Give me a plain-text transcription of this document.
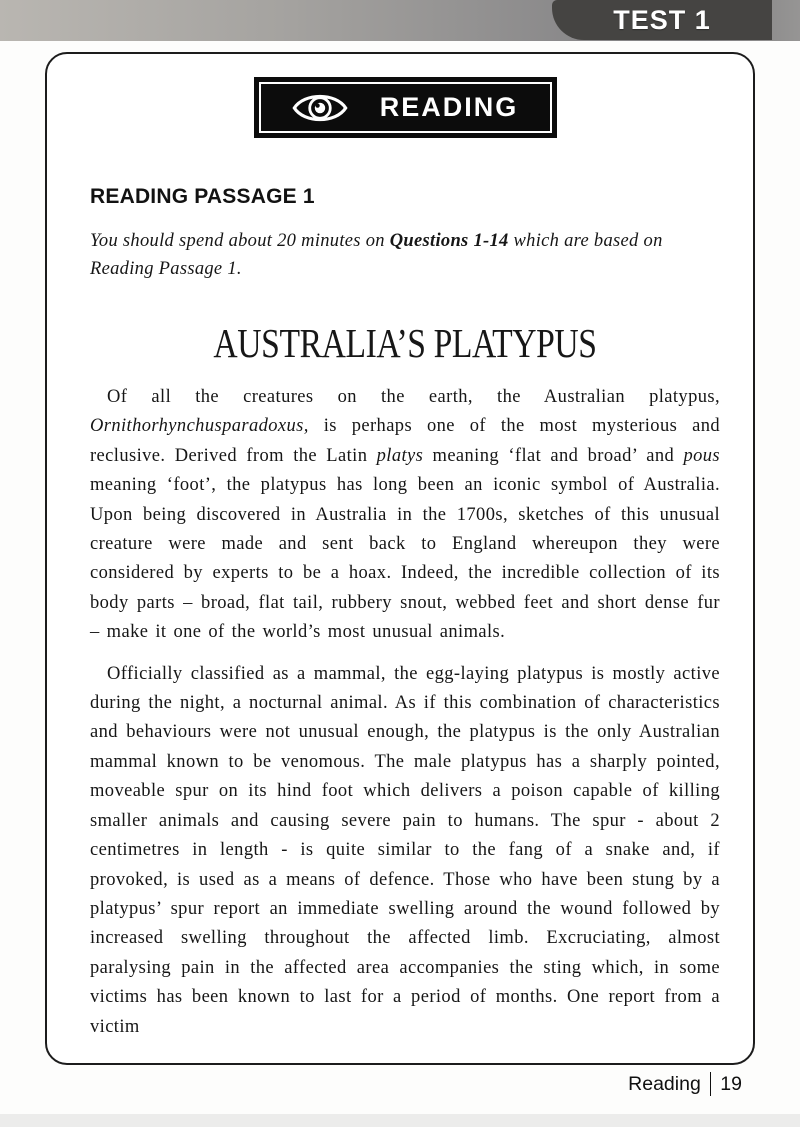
TEST 1
READING
READING PASSAGE 1

You should spend about 20 minutes on Questions 1-14 which are based on Reading Passage 1.

AUSTRALIA’S PLATYPUS

Of all the creatures on the earth, the Australian platypus, Ornithorhynchusparadoxus, is perhaps one of the most mysterious and reclusive. Derived from the Latin platys meaning ‘flat and broad’ and pous meaning ‘foot’, the platypus has long been an iconic symbol of Australia. Upon being discovered in Australia in the 1700s, sketches of this unusual creature were made and sent back to England whereupon they were considered by experts to be a hoax. Indeed, the incredible collection of its body parts – broad, flat tail, rubbery snout, webbed feet and short dense fur – make it one of the world’s most unusual animals.

Officially classified as a mammal, the egg-laying platypus is mostly active during the night, a nocturnal animal. As if this combination of characteristics and behaviours were not unusual enough, the platypus is the only Australian mammal known to be venomous. The male platypus has a sharply pointed, moveable spur on its hind foot which delivers a poison capable of killing smaller animals and causing severe pain to humans. The spur - about 2 centimetres in length - is quite similar to the fang of a snake and, if provoked, is used as a means of defence. Those who have been stung by a platypus’ spur report an immediate swelling around the wound followed by increased swelling throughout the affected limb. Excruciating, almost paralysing pain in the affected area accompanies the sting which, in some victims has been known to last for a period of months. One report from a victim

Reading 19
